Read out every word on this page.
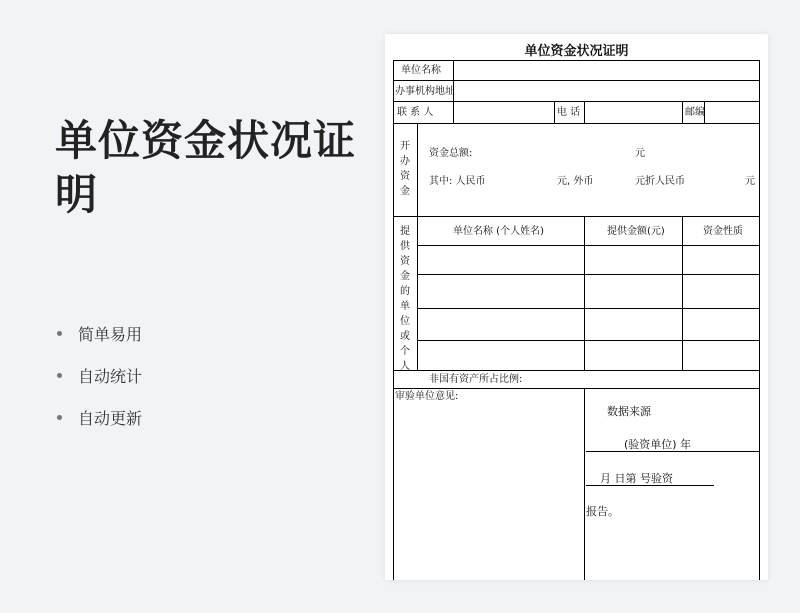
单位资金状况证明
简单易用
自动统计
自动更新
单位资金状况证明
单位名称
办事机构地址
联 系 人	电 话	邮编
开办资金
资金总额:	元
其中: 人民币	元, 外币	元折人民币	元
提供资金的单位或个人
单位名称 (个人姓名)	提供金额(元)	资金性质
非国有资产所占比例:
审验单位意见:
数据来源
(验资单位) 年
月 日第 号验资
报告。
